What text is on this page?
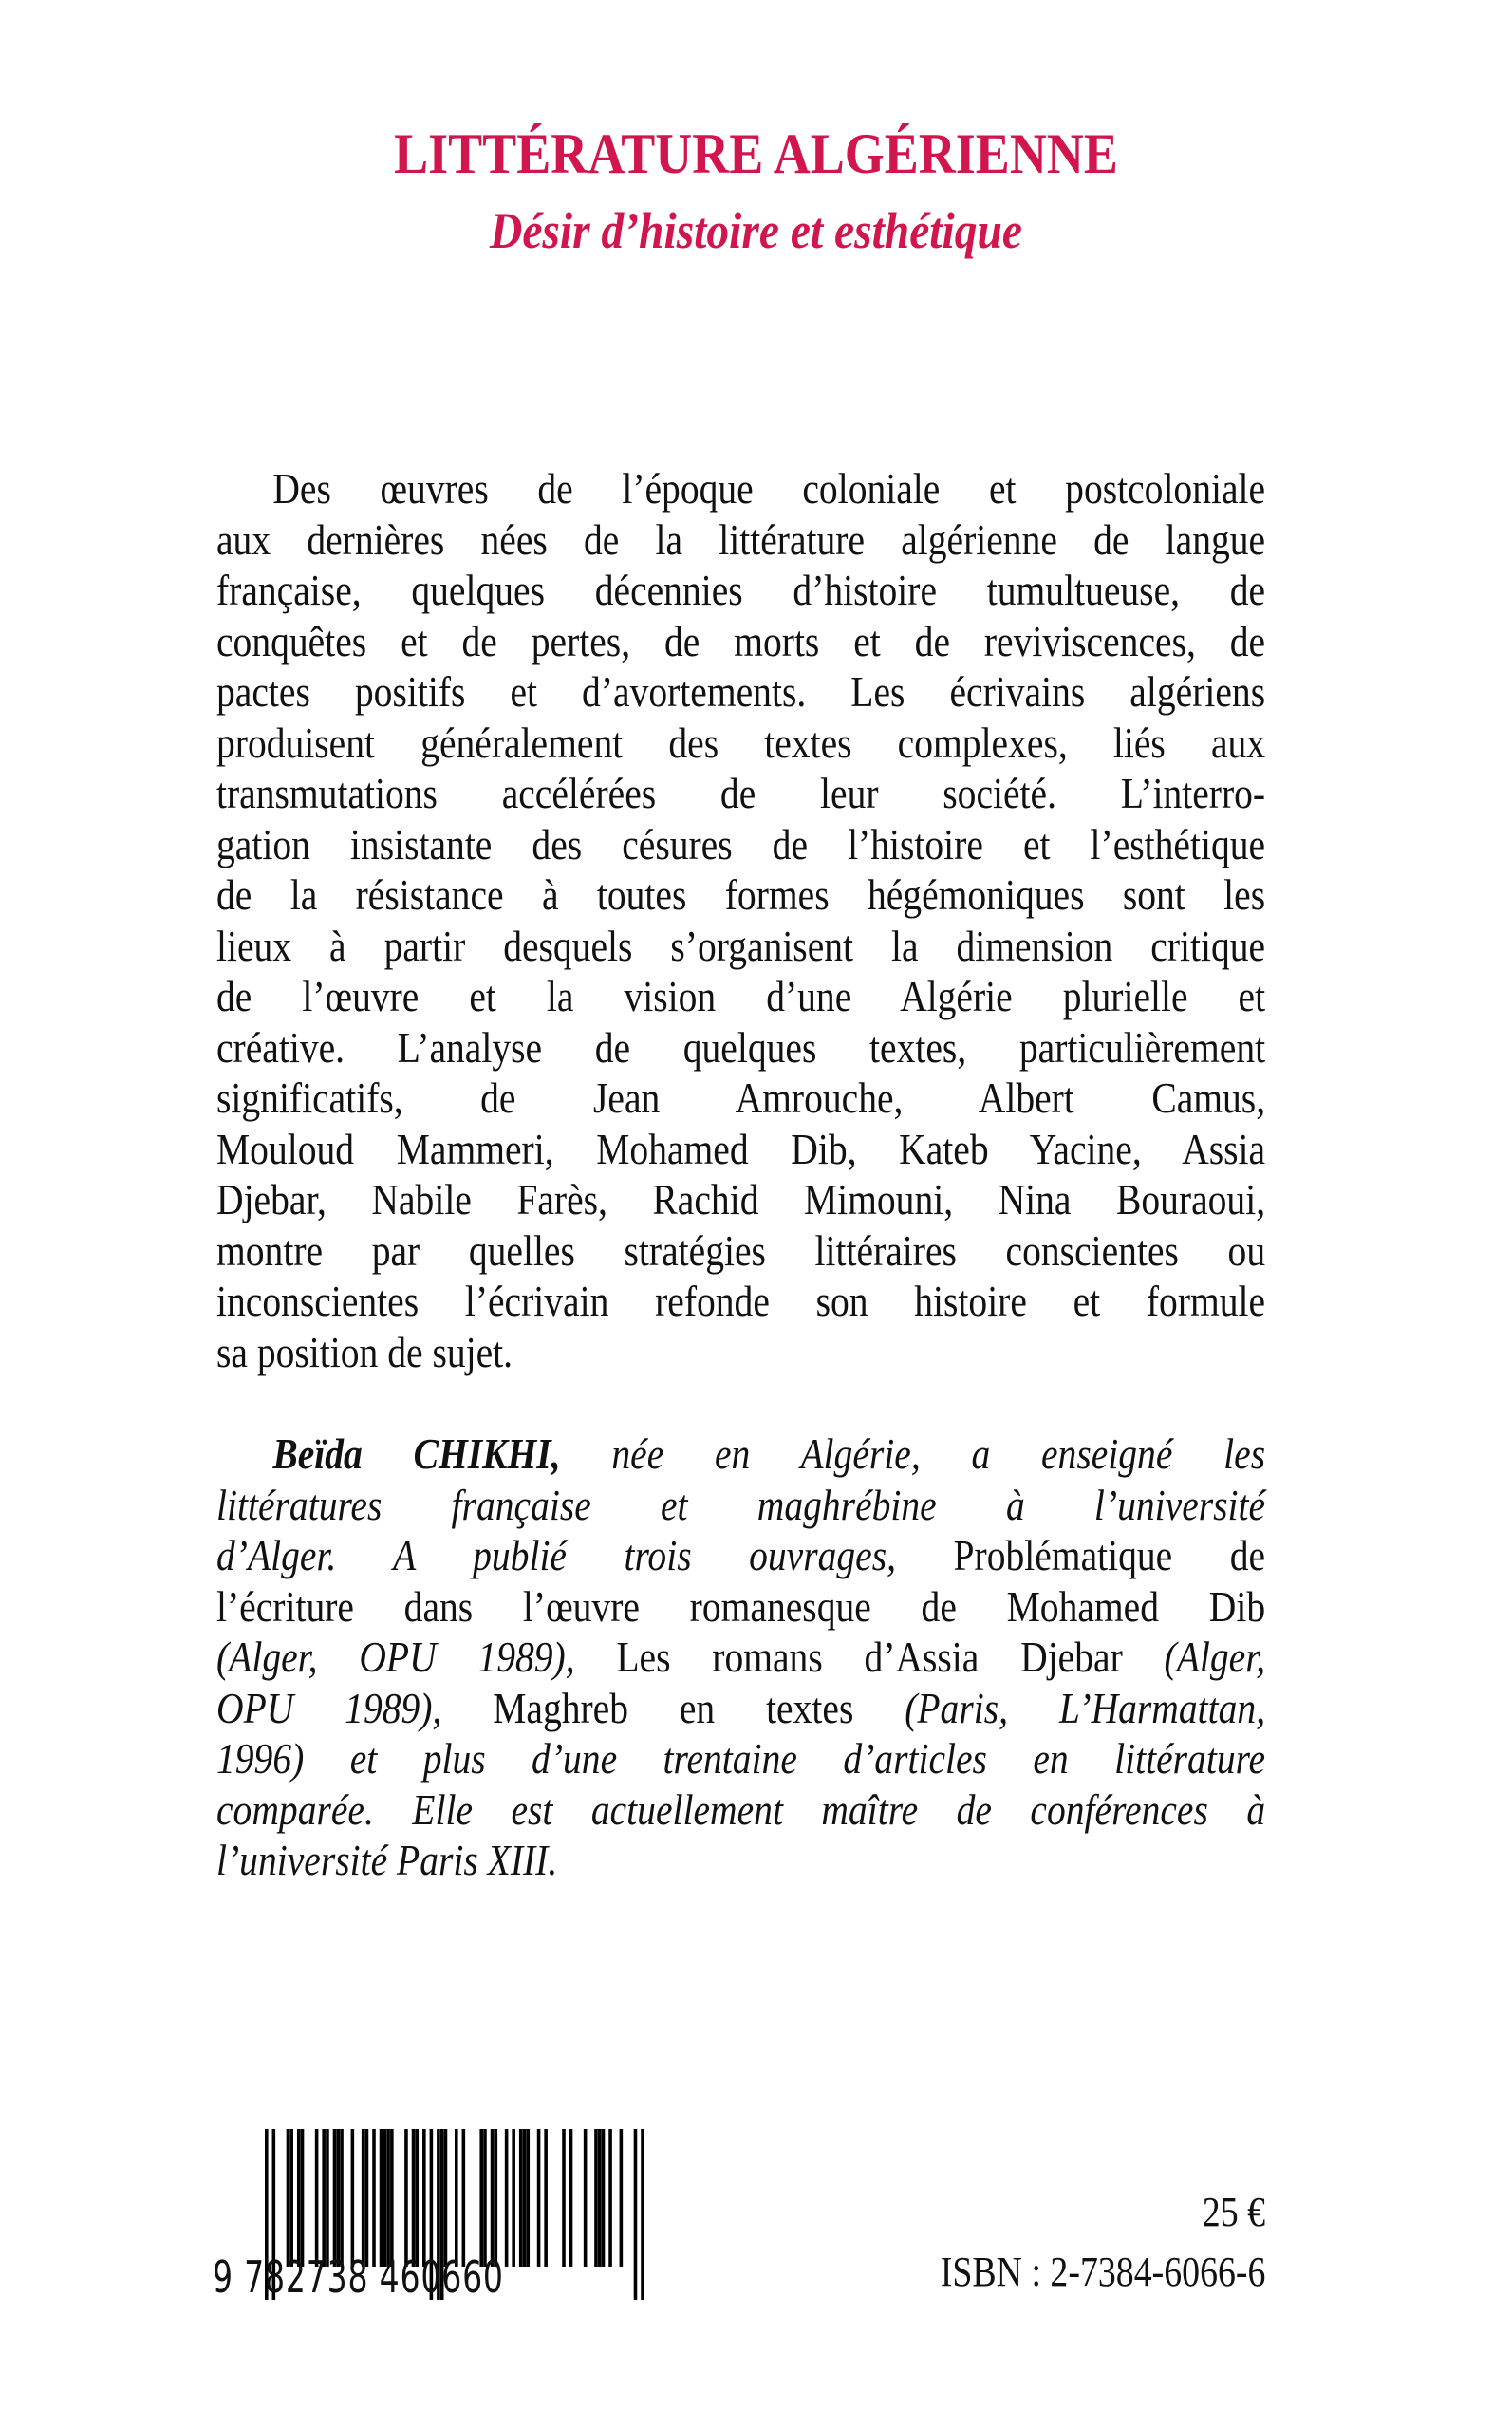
LITTÉRATURE ALGÉRIENNE
Désir d’histoire et esthétique
Des œuvres de l’époque coloniale et postcoloniale
aux dernières nées de la littérature algérienne de langue
française, quelques décennies d’histoire tumultueuse, de
conquêtes et de pertes, de morts et de reviviscences, de
pactes positifs et d’avortements. Les écrivains algériens
produisent généralement des textes complexes, liés aux
transmutations accélérées de leur société. L’interro-
gation insistante des césures de l’histoire et l’esthétique
de la résistance à toutes formes hégémoniques sont les
lieux à partir desquels s’organisent la dimension critique
de l’œuvre et la vision d’une Algérie plurielle et
créative. L’analyse de quelques textes, particulièrement
significatifs, de Jean Amrouche, Albert Camus,
Mouloud Mammeri, Mohamed Dib, Kateb Yacine, Assia
Djebar, Nabile Farès, Rachid Mimouni, Nina Bouraoui,
montre par quelles stratégies littéraires conscientes ou
inconscientes l’écrivain refonde son histoire et formule
sa position de sujet.
Beïda CHIKHI, née en Algérie, a enseigné les
littératures française et maghrébine à l’université
d’Alger. A publié trois ouvrages, Problématique de
l’écriture dans l’œuvre romanesque de Mohamed Dib
(Alger, OPU 1989), Les romans d’Assia Djebar (Alger,
OPU 1989), Maghreb en textes (Paris, L’Harmattan,
1996) et plus d’une trentaine d’articles en littérature
comparée. Elle est actuellement maître de conférences à
l’université Paris XIII.
9 782738 460660
25 €
ISBN : 2-7384-6066-6
